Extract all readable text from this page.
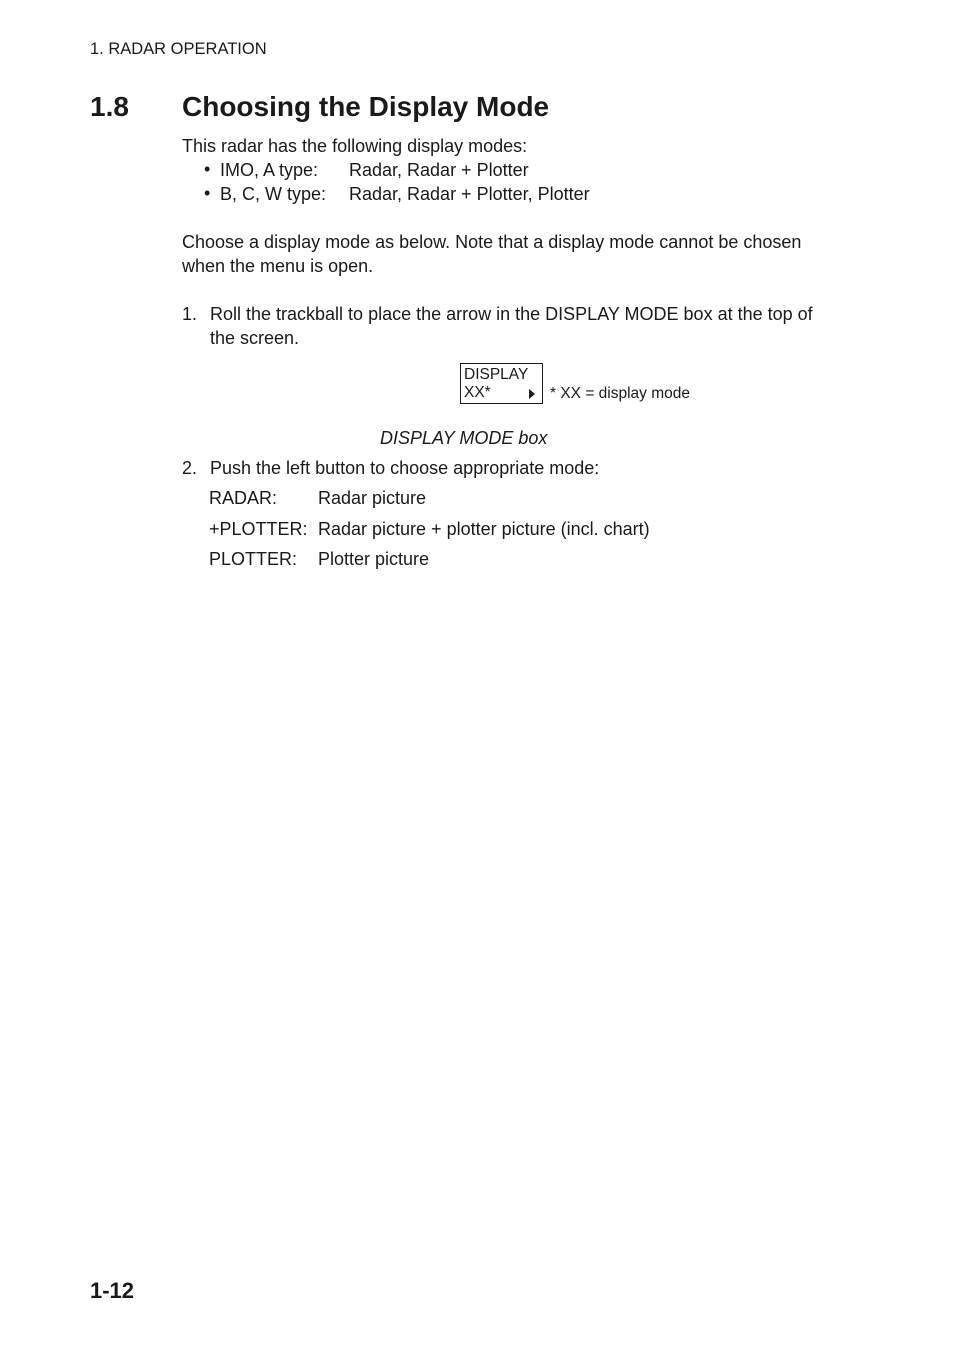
1. RADAR OPERATION
1.8 Choosing the Display Mode
This radar has the following display modes:
• IMO, A type: Radar, Radar + Plotter
• B, C, W type: Radar, Radar + Plotter, Plotter
Choose a display mode as below. Note that a display mode cannot be chosen
when the menu is open.
1. Roll the trackball to place the arrow in the DISPLAY MODE box at the top of
the screen.
DISPLAY
XX*	* XX = display mode
DISPLAY MODE box
2. Push the left button to choose appropriate mode:
RADAR: Radar picture
+PLOTTER: Radar picture + plotter picture (incl. chart)
PLOTTER: Plotter picture
1-12
